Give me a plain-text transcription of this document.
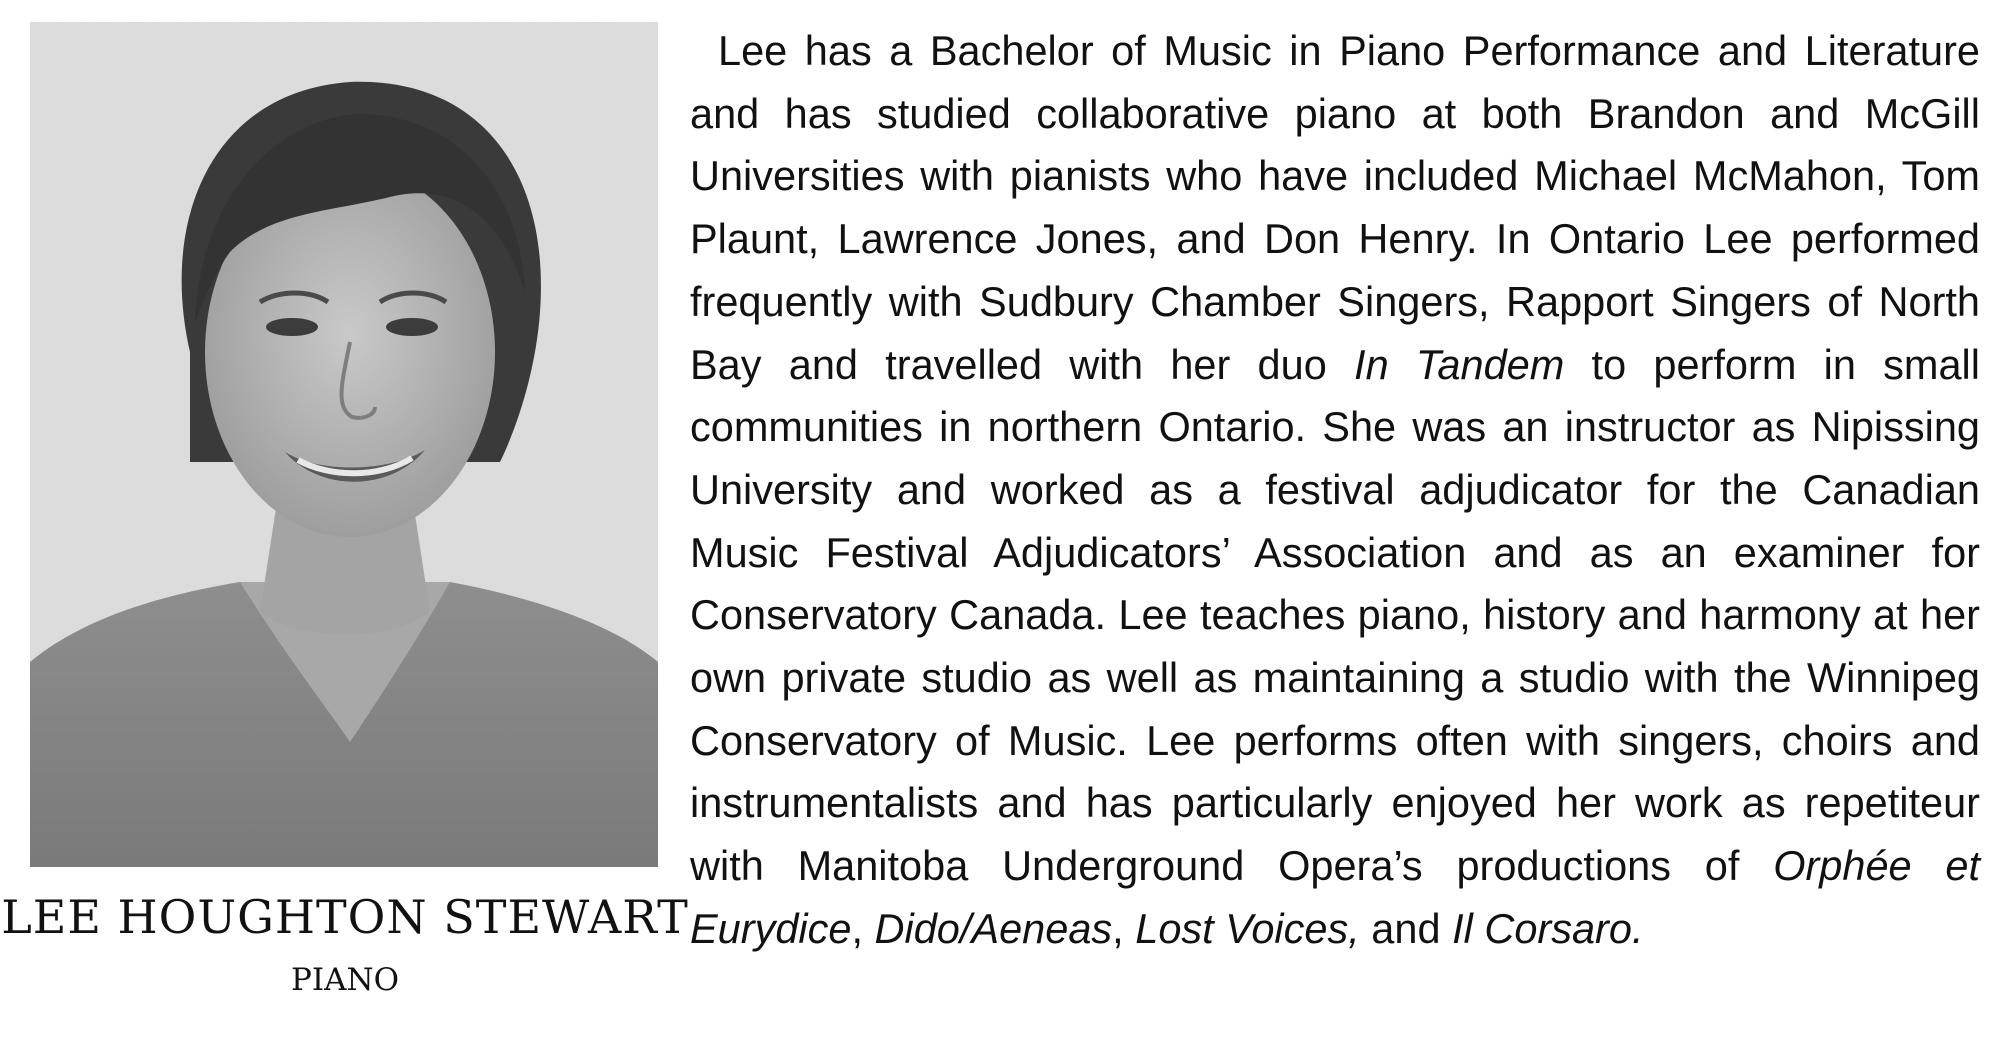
LEE HOUGHTON STEWART
PIANO

Lee has a Bachelor of Music in Piano Performance and Literature and has studied collaborative piano at both Brandon and McGill Universities with pianists who have included Michael McMahon, Tom Plaunt, Lawrence Jones, and Don Henry. In Ontario Lee performed frequently with Sudbury Chamber Singers, Rapport Singers of North Bay and travelled with her duo In Tandem to perform in small communities in northern Ontario. She was an instructor as Nipissing University and worked as a festival adjudicator for the Canadian Music Festival Adjudicators’ Association and as an examiner for Conservatory Canada. Lee teaches piano, history and harmony at her own private studio as well as maintaining a studio with the Winnipeg Conservatory of Music. Lee performs often with singers, choirs and instrumentalists and has particularly enjoyed her work as repetiteur with Manitoba Underground Opera’s productions of Orphée et Eurydice, Dido/Aeneas, Lost Voices, and Il Corsaro.
